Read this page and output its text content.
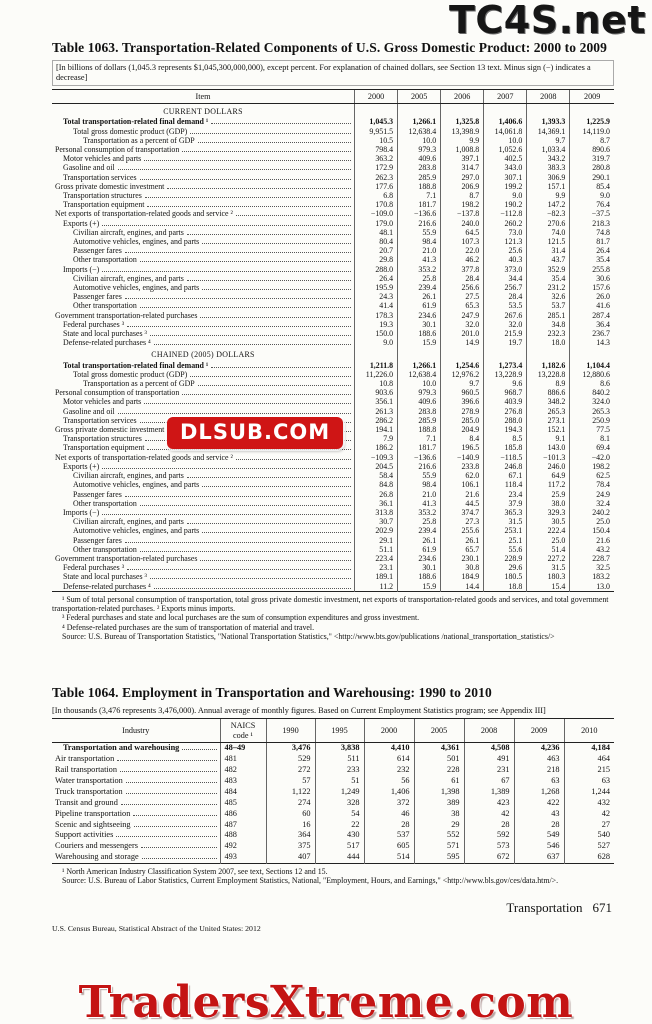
TC4S.net
Table 1063. Transportation-Related Components of U.S. Gross Domestic Product: 2000 to 2009

[In billions of dollars (1,045.3 represents $1,045,300,000,000), except percent. For explanation of chained dollars, see Section 13 text. Minus sign (−) indicates a decrease]

Item	2000	2005	2006	2007	2008	2009
CURRENT DOLLARS						

Total transportation-related final demand ¹	1,045.3	1,266.1	1,325.8	1,406.6	1,393.3	1,225.9

Total gross domestic product (GDP)	9,951.5	12,638.4	13,398.9	14,061.8	14,369.1	14,119.0

Transportation as a percent of GDP	10.5	10.0	9.9	10.0	9.7	8.7

Personal consumption of transportation	798.4	979.3	1,008.8	1,052.6	1,033.4	890.6

Motor vehicles and parts	363.2	409.6	397.1	402.5	343.2	319.7

Gasoline and oil	172.9	283.8	314.7	343.0	383.3	280.8

Transportation services	262.3	285.9	297.0	307.1	306.9	290.1

Gross private domestic investment	177.6	188.8	206.9	199.2	157.1	85.4

Transportation structures	6.8	7.1	8.7	9.0	9.9	9.0

Transportation equipment	170.8	181.7	198.2	190.2	147.2	76.4

Net exports of transportation-related goods and service ²	−109.0	−136.6	−137.8	−112.8	−82.3	−37.5

Exports (+)	179.0	216.6	240.0	260.2	270.6	218.3

Civilian aircraft, engines, and parts	48.1	55.9	64.5	73.0	74.0	74.8

Automotive vehicles, engines, and parts	80.4	98.4	107.3	121.3	121.5	81.7

Passenger fares	20.7	21.0	22.0	25.6	31.4	26.4

Other transportation	29.8	41.3	46.2	40.3	43.7	35.4

Imports (−)	288.0	353.2	377.8	373.0	352.9	255.8

Civilian aircraft, engines, and parts	26.4	25.8	28.4	34.4	35.4	30.6

Automotive vehicles, engines, and parts	195.9	239.4	256.6	256.7	231.2	157.6

Passenger fares	24.3	26.1	27.5	28.4	32.6	26.0

Other transportation	41.4	61.9	65.3	53.5	53.7	41.6

Government transportation-related purchases	178.3	234.6	247.9	267.6	285.1	287.4

Federal purchases ³	19.3	30.1	32.0	32.0	34.8	36.4

State and local purchases ³	150.0	188.6	201.0	215.9	232.3	236.7

Defense-related purchases ⁴	9.0	15.9	14.9	19.7	18.0	14.3
CHAINED (2005) DOLLARS						

Total transportation-related final demand ¹	1,211.8	1,266.1	1,254.6	1,273.4	1,182.6	1,104.4

Total gross domestic product (GDP)	11,226.0	12,638.4	12,976.2	13,228.9	13,228.8	12,880.6

Transportation as a percent of GDP	10.8	10.0	9.7	9.6	8.9	8.6

Personal consumption of transportation	903.6	979.3	960.5	968.7	886.6	840.2

Motor vehicles and parts	356.1	409.6	396.6	403.9	348.2	324.0

Gasoline and oil	261.3	283.8	278.9	276.8	265.3	265.3

Transportation services	286.2	285.9	285.0	288.0	273.1	250.9

Gross private domestic investment	194.1	188.8	204.9	194.3	152.1	77.5

Transportation structures	7.9	7.1	8.4	8.5	9.1	8.1

Transportation equipment	186.2	181.7	196.5	185.8	143.0	69.4

Net exports of transportation-related goods and service ²	−109.3	−136.6	−140.9	−118.5	−101.3	−42.0

Exports (+)	204.5	216.6	233.8	246.8	246.0	198.2

Civilian aircraft, engines, and parts	58.4	55.9	62.0	67.1	64.9	62.5

Automotive vehicles, engines, and parts	84.8	98.4	106.1	118.4	117.2	78.4

Passenger fares	26.8	21.0	21.6	23.4	25.9	24.9

Other transportation	36.1	41.3	44.5	37.9	38.0	32.4

Imports (−)	313.8	353.2	374.7	365.3	329.3	240.2

Civilian aircraft, engines, and parts	30.7	25.8	27.3	31.5	30.5	25.0

Automotive vehicles, engines, and parts	202.9	239.4	255.6	253.1	222.4	150.4

Passenger fares	29.1	26.1	26.1	25.1	25.0	21.6

Other transportation	51.1	61.9	65.7	55.6	51.4	43.2

Government transportation-related purchases	223.4	234.6	230.1	228.9	227.2	228.7

Federal purchases ³	23.1	30.1	30.8	29.6	31.5	32.5

State and local purchases ³	189.1	188.6	184.9	180.5	180.3	183.2

Defense-related purchases ⁴	11.2	15.9	14.4	18.8	15.4	13.0

¹ Sum of total personal consumption of transportation, total gross private domestic investment, net exports of transportation-related goods and services, and total government transportation-related purchases. ² Exports minus imports.

³ Federal purchases and state and local purchases are the sum of consumption expenditures and gross investment.

⁴ Defense-related purchases are the sum of transportation of material and travel.

Source: U.S. Bureau of Transportation Statistics, "National Transportation Statistics," <http://www.bts.gov/publications /national_transportation_statistics/>

Table 1064. Employment in Transportation and Warehousing: 1990 to 2010

[In thousands (3,476 represents 3,476,000). Annual average of monthly figures. Based on Current Employment Statistics program; see Appendix III]

Industry	NAICS
code ¹	1990	1995	2000	2005	2008	2009	2010

Transportation and warehousing	48–49	3,476	3,838	4,410	4,361	4,508	4,236	4,184

Air transportation	481	529	511	614	501	491	463	464

Rail transportation	482	272	233	232	228	231	218	215

Water transportation	483	57	51	56	61	67	63	63

Truck transportation	484	1,122	1,249	1,406	1,398	1,389	1,268	1,244

Transit and ground	485	274	328	372	389	423	422	432

Pipeline transportation	486	60	54	46	38	42	43	42

Scenic and sightseeing	487	16	22	28	29	28	28	27

Support activities	488	364	430	537	552	592	549	540

Couriers and messengers	492	375	517	605	571	573	546	527

Warehousing and storage	493	407	444	514	595	672	637	628

¹ North American Industry Classification System 2007, see text, Sections 12 and 15.

Source: U.S. Bureau of Labor Statistics, Current Employment Statistics, National, "Employment, Hours, and Earnings," <http://www.bls.gov/ces/data.htm/>.

Transportation 671
U.S. Census Bureau, Statistical Abstract of the United States: 2012
DLSUB.COM
TradersXtreme.com
